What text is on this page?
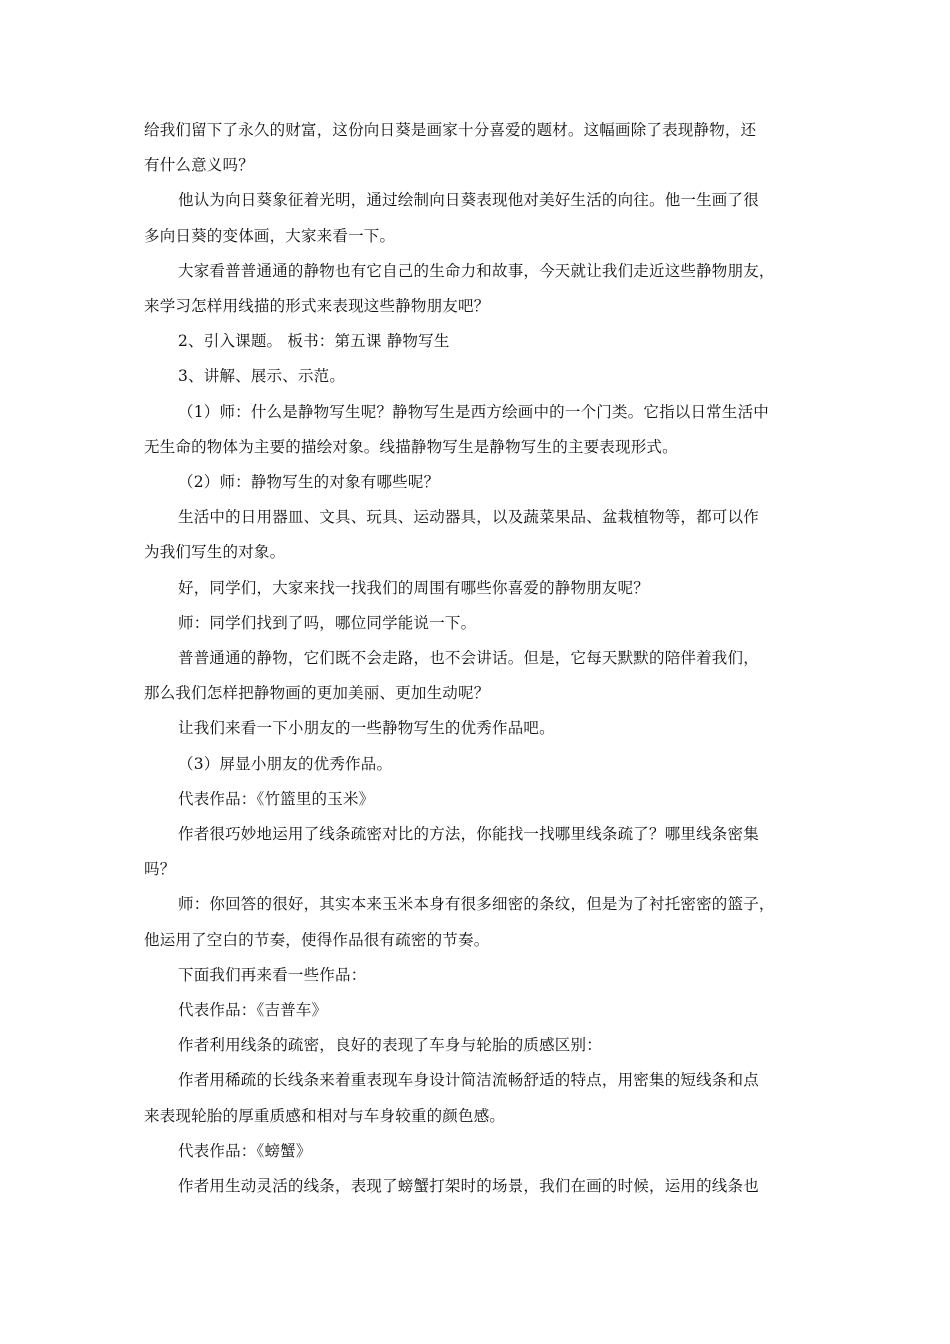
给我们留下了永久的财富，这份向日葵是画家十分喜爱的题材。这幅画除了表现静物，还

有什么意义吗？

他认为向日葵象征着光明，通过绘制向日葵表现他对美好生活的向往。他一生画了很

多向日葵的变体画，大家来看一下。

大家看普普通通的静物也有它自己的生命力和故事，今天就让我们走近这些静物朋友，

来学习怎样用线描的形式来表现这些静物朋友吧？

2、引入课题。 板书：第五课 静物写生

3、讲解、展示、示范。

（1）师：什么是静物写生呢？静物写生是西方绘画中的一个门类。它指以日常生活中

无生命的物体为主要的描绘对象。线描静物写生是静物写生的主要表现形式。

（2）师：静物写生的对象有哪些呢？

生活中的日用器皿、文具、玩具、运动器具，以及蔬菜果品、盆栽植物等，都可以作

为我们写生的对象。

好，同学们，大家来找一找我们的周围有哪些你喜爱的静物朋友呢？

师：同学们找到了吗，哪位同学能说一下。

普普通通的静物，它们既不会走路，也不会讲话。但是，它每天默默的陪伴着我们，

那么我们怎样把静物画的更加美丽、更加生动呢？

让我们来看一下小朋友的一些静物写生的优秀作品吧。

（3）屏显小朋友的优秀作品。

代表作品：《竹篮里的玉米》

作者很巧妙地运用了线条疏密对比的方法，你能找一找哪里线条疏了？哪里线条密集

吗？

师：你回答的很好，其实本来玉米本身有很多细密的条纹，但是为了衬托密密的篮子，

他运用了空白的节奏，使得作品很有疏密的节奏。

下面我们再来看一些作品：

代表作品：《吉普车》

作者利用线条的疏密，良好的表现了车身与轮胎的质感区别：

作者用稀疏的长线条来着重表现车身设计简洁流畅舒适的特点，用密集的短线条和点

来表现轮胎的厚重质感和相对与车身较重的颜色感。

代表作品：《螃蟹》

作者用生动灵活的线条，表现了螃蟹打架时的场景，我们在画的时候，运用的线条也
